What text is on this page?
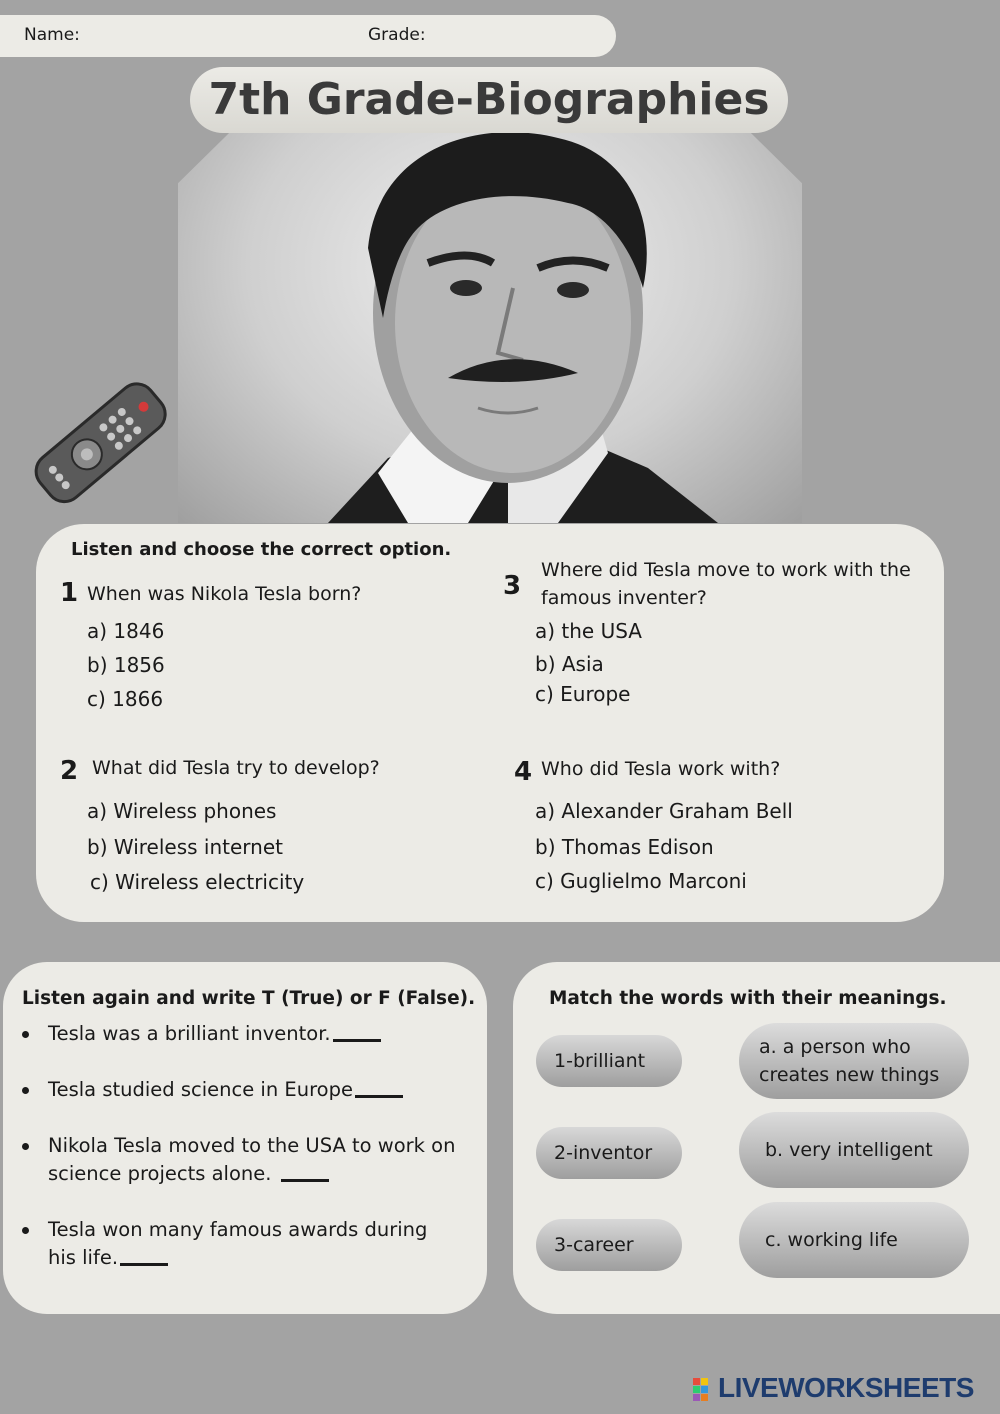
Name:	Grade:
7th Grade-Biographies
Listen and choose the correct option.
1 When was Nikola Tesla born?
a) 1846
b) 1856
c) 1866
2 What did Tesla try to develop?
a) Wireless phones
b) Wireless internet
c) Wireless electricity
3
Where did Tesla move to work with the
famous inventer?
a) the USA
b) Asia
c) Europe
4 Who did Tesla work with?
a) Alexander Graham Bell
b) Thomas Edison
c) Guglielmo Marconi
Listen again and write T (True) or F (False).
Tesla was a brilliant inventor.
Tesla studied science in Europe
Nikola Tesla moved to the USA to work on science projects alone.
Tesla won many famous awards during his life.
Match the words with their meanings.
1-brilliant
2-inventor
3-career
a. a person who creates new things
b. very intelligent
c. working life
LIVEWORKSHEETS
